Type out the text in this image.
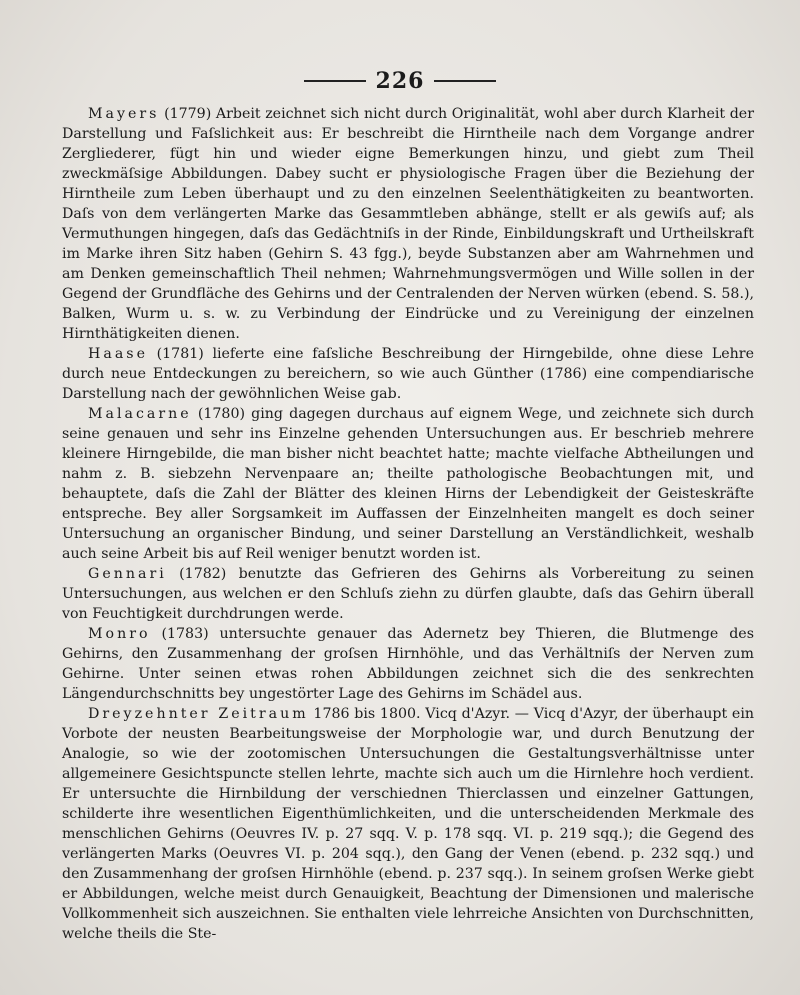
226

Mayers (1779) Arbeit zeichnet sich nicht durch Originalität, wohl aber durch Klarheit der Darstellung und Faſslichkeit aus: Er beschreibt die Hirntheile nach dem Vorgange andrer Zergliederer, fügt hin und wieder eigne Bemerkungen hinzu, und giebt zum Theil zweckmäſsige Abbildungen. Dabey sucht er physiologische Fragen über die Beziehung der Hirntheile zum Leben überhaupt und zu den einzelnen Seelenthätigkeiten zu beantworten. Daſs von dem verlängerten Marke das Gesammtleben abhänge, stellt er als gewiſs auf; als Vermuthungen hingegen, daſs das Gedächtniſs in der Rinde, Einbildungskraft und Urtheilskraft im Marke ihren Sitz haben (Gehirn S. 43 fgg.), beyde Substanzen aber am Wahrnehmen und am Denken gemeinschaftlich Theil nehmen; Wahrnehmungsvermögen und Wille sollen in der Gegend der Grundfläche des Gehirns und der Centralenden der Nerven würken (ebend. S. 58.), Balken, Wurm u. s. w. zu Verbindung der Eindrücke und zu Vereinigung der einzelnen Hirnthätigkeiten dienen.

Haase (1781) lieferte eine faſsliche Beschreibung der Hirngebilde, ohne diese Lehre durch neue Entdeckungen zu bereichern, so wie auch Günther (1786) eine compendiarische Darstellung nach der gewöhnlichen Weise gab.

Malacarne (1780) ging dagegen durchaus auf eignem Wege, und zeichnete sich durch seine genauen und sehr ins Einzelne gehenden Untersuchungen aus. Er beschrieb mehrere kleinere Hirngebilde, die man bisher nicht beachtet hatte; machte vielfache Abtheilungen und nahm z. B. siebzehn Nervenpaare an; theilte pathologische Beobachtungen mit, und behauptete, daſs die Zahl der Blätter des kleinen Hirns der Lebendigkeit der Geisteskräfte entspreche. Bey aller Sorgsamkeit im Auffassen der Einzelnheiten mangelt es doch seiner Untersuchung an organischer Bindung, und seiner Darstellung an Verständlichkeit, weshalb auch seine Arbeit bis auf Reil weniger benutzt worden ist.

Gennari (1782) benutzte das Gefrieren des Gehirns als Vorbereitung zu seinen Untersuchungen, aus welchen er den Schluſs ziehn zu dürfen glaubte, daſs das Gehirn überall von Feuchtigkeit durchdrungen werde.

Monro (1783) untersuchte genauer das Adernetz bey Thieren, die Blutmenge des Gehirns, den Zusammenhang der groſsen Hirnhöhle, und das Verhältniſs der Nerven zum Gehirne. Unter seinen etwas rohen Abbildungen zeichnet sich die des senkrechten Längendurchschnitts bey ungestörter Lage des Gehirns im Schädel aus.

Dreyzehnter Zeitraum 1786 bis 1800. Vicq d'Azyr. — Vicq d'Azyr, der überhaupt ein Vorbote der neusten Bearbeitungsweise der Morphologie war, und durch Benutzung der Analogie, so wie der zootomischen Untersuchungen die Gestaltungsverhältnisse unter allgemeinere Gesichtspuncte stellen lehrte, machte sich auch um die Hirnlehre hoch verdient. Er untersuchte die Hirnbildung der verschiednen Thierclassen und einzelner Gattungen, schilderte ihre wesentlichen Eigenthümlichkeiten, und die unterscheidenden Merkmale des menschlichen Gehirns (Oeuvres IV. p. 27 sqq. V. p. 178 sqq. VI. p. 219 sqq.); die Gegend des verlängerten Marks (Oeuvres VI. p. 204 sqq.), den Gang der Venen (ebend. p. 232 sqq.) und den Zusammenhang der groſsen Hirnhöhle (ebend. p. 237 sqq.). In seinem groſsen Werke giebt er Abbildungen, welche meist durch Genauigkeit, Beachtung der Dimensionen und malerische Vollkommenheit sich auszeichnen. Sie enthalten viele lehrreiche Ansichten von Durchschnitten, welche theils die Ste-
